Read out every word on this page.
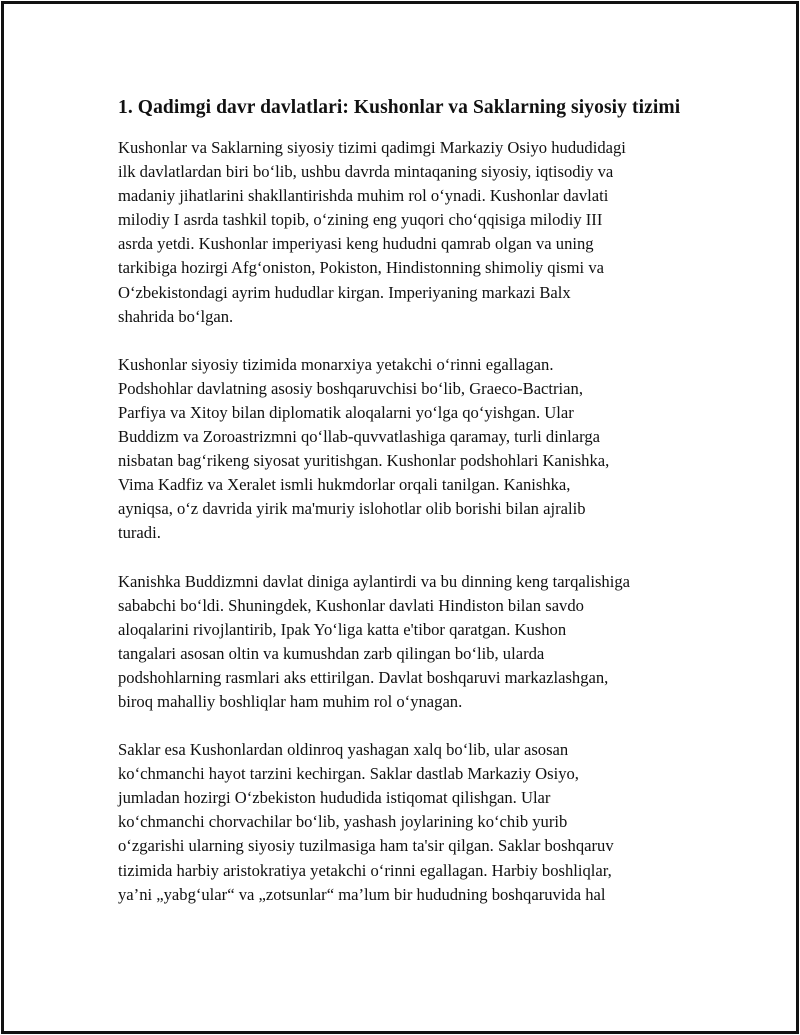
1. Qadimgi davr davlatlari: Kushonlar va Saklarning siyosiy tizimi

Kushonlar va Saklarning siyosiy tizimi qadimgi Markaziy Osiyo hududidagi
ilk davlatlardan biri bo‘lib, ushbu davrda mintaqaning siyosiy, iqtisodiy va
madaniy jihatlarini shakllantirishda muhim rol o‘ynadi. Kushonlar davlati
milodiy I asrda tashkil topib, o‘zining eng yuqori cho‘qqisiga milodiy III
asrda yetdi. Kushonlar imperiyasi keng hududni qamrab olgan va uning
tarkibiga hozirgi Afg‘oniston, Pokiston, Hindistonning shimoliy qismi va
O‘zbekistondagi ayrim hududlar kirgan. Imperiyaning markazi Balx
shahrida bo‘lgan.

Kushonlar siyosiy tizimida monarxiya yetakchi o‘rinni egallagan.
Podshohlar davlatning asosiy boshqaruvchisi bo‘lib, Graeco-Bactrian,
Parfiya va Xitoy bilan diplomatik aloqalarni yo‘lga qo‘yishgan. Ular
Buddizm va Zoroastrizmni qo‘llab-quvvatlashiga qaramay, turli dinlarga
nisbatan bag‘rikeng siyosat yuritishgan. Kushonlar podshohlari Kanishka,
Vima Kadfiz va Xeralet ismli hukmdorlar orqali tanilgan. Kanishka,
ayniqsa, o‘z davrida yirik ma'muriy islohotlar olib borishi bilan ajralib
turadi.

Kanishka Buddizmni davlat diniga aylantirdi va bu dinning keng tarqalishiga
sababchi bo‘ldi. Shuningdek, Kushonlar davlati Hindiston bilan savdo
aloqalarini rivojlantirib, Ipak Yo‘liga katta e'tibor qaratgan. Kushon
tangalari asosan oltin va kumushdan zarb qilingan bo‘lib, ularda
podshohlarning rasmlari aks ettirilgan. Davlat boshqaruvi markazlashgan,
biroq mahalliy boshliqlar ham muhim rol o‘ynagan.

Saklar esa Kushonlardan oldinroq yashagan xalq bo‘lib, ular asosan
ko‘chmanchi hayot tarzini kechirgan. Saklar dastlab Markaziy Osiyo,
jumladan hozirgi O‘zbekiston hududida istiqomat qilishgan. Ular
ko‘chmanchi chorvachilar bo‘lib, yashash joylarining ko‘chib yurib
o‘zgarishi ularning siyosiy tuzilmasiga ham ta'sir qilgan. Saklar boshqaruv
tizimida harbiy aristokratiya yetakchi o‘rinni egallagan. Harbiy boshliqlar,
ya’ni „yabg‘ular“ va „zotsunlar“ ma’lum bir hududning boshqaruvida hal
